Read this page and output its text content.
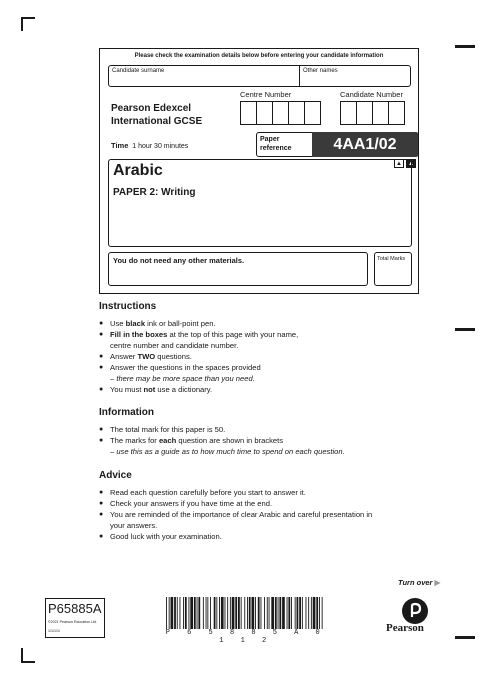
Please check the examination details below before entering your candidate information
Candidate surname	Other names
Pearson Edexcel
International GCSE
Centre Number	Candidate Number
Time 1 hour 30 minutes
Paper
reference	4AA1/02
▲	▲
Arabic
PAPER 2: Writing
You do not need any other materials.	Total Marks
Instructions
● Use black ink or ball-point pen.
● Fill in the boxes at the top of this page with your name,
centre number and candidate number.
● Answer TWO questions.
● Answer the questions in the spaces provided
– there may be more space than you need.
● You must not use a dictionary.
Information
● The total mark for this paper is 50.
● The marks for each question are shown in brackets
– use this as a guide as to how much time to spend on each question.
Advice
● Read each question carefully before you start to answer it.
● Check your answers if you have time at the end.
● You are reminded of the importance of clear Arabic and careful presentation in
your answers.
● Good luck with your examination.
Turn over ▶
P65885A
©2021 Pearson Education Ltd.
1/1/1/1/	P 6 5 8 8 5 A 0 1 1 2
Pearson
